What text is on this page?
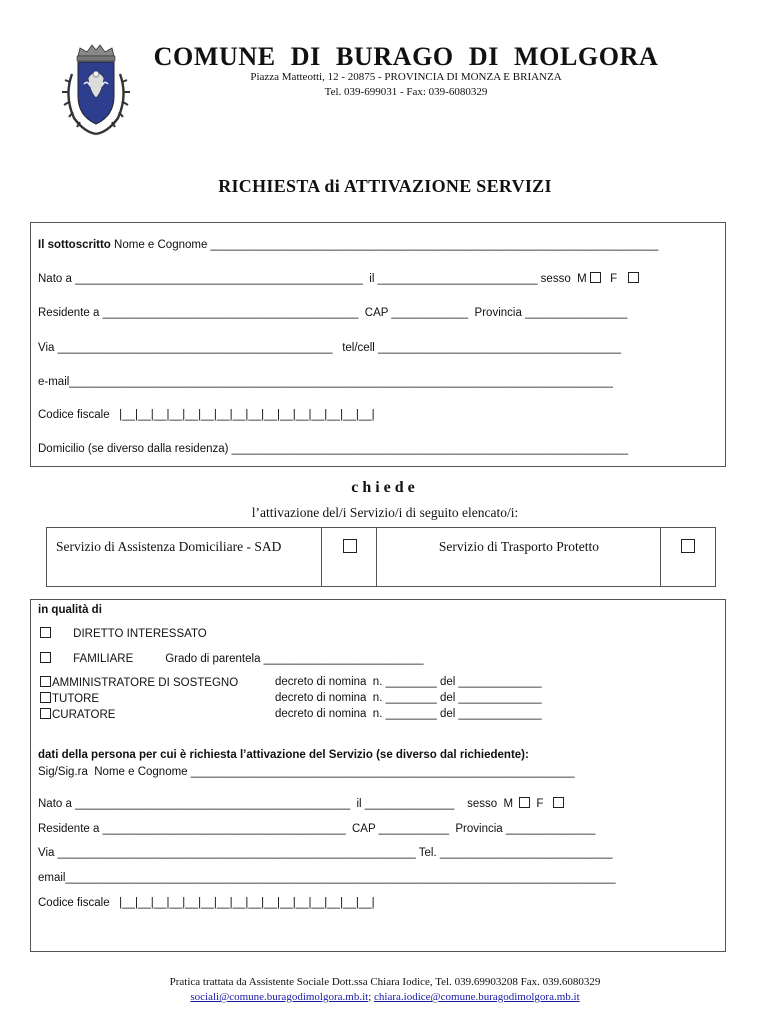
COMUNE DI BURAGO DI MOLGORA
Piazza Matteotti, 12 - 20875 - PROVINCIA DI MONZA E BRIANZA
Tel. 039-699031 - Fax: 039-6080329
RICHIESTA di ATTIVAZIONE SERVIZI
Il sottoscritto Nome e Cognome ______________________________________________________________________
Nato a _____________________________________________  il _________________________ sesso  M F
Residente a ________________________________________  CAP ____________  Provincia ________________
Via ___________________________________________   tel/cell ______________________________________
e-mail_____________________________________________________________________________________
Codice fiscale   |__|__|__|__|__|__|__|__|__|__|__|__|__|__|__|__|
Domicilio (se diverso dalla residenza) ______________________________________________________________
chiede
l’attivazione del/i Servizio/i di seguito elencato/i:
Servizio di Assistenza Domiciliare - SAD	Servizio di Trasporto Protetto
in qualità di
DIRETTO INTERESSATO
FAMILIARE	Grado di parentela _________________________
AMMINISTRATORE DI SOSTEGNO	decreto di nomina  n. ________ del _____________
TUTORE	decreto di nomina  n. ________ del _____________
CURATORE	decreto di nomina  n. ________ del _____________
dati della persona per cui è richiesta l’attivazione del Servizio (se diverso dal richiedente):
Sig/Sig.ra  Nome e Cognome ____________________________________________________________
Nato a ___________________________________________  il ______________    sesso  M F
Residente a ______________________________________  CAP ___________  Provincia ______________
Via ________________________________________________________ Tel. ___________________________
email______________________________________________________________________________________
Codice fiscale   |__|__|__|__|__|__|__|__|__|__|__|__|__|__|__|__|
Pratica trattata da Assistente Sociale Dott.ssa Chiara Iodice, Tel. 039.69903208 Fax. 039.6080329
sociali@comune.buragodimolgora.mb.it; chiara.iodice@comune.buragodimolgora.mb.it
